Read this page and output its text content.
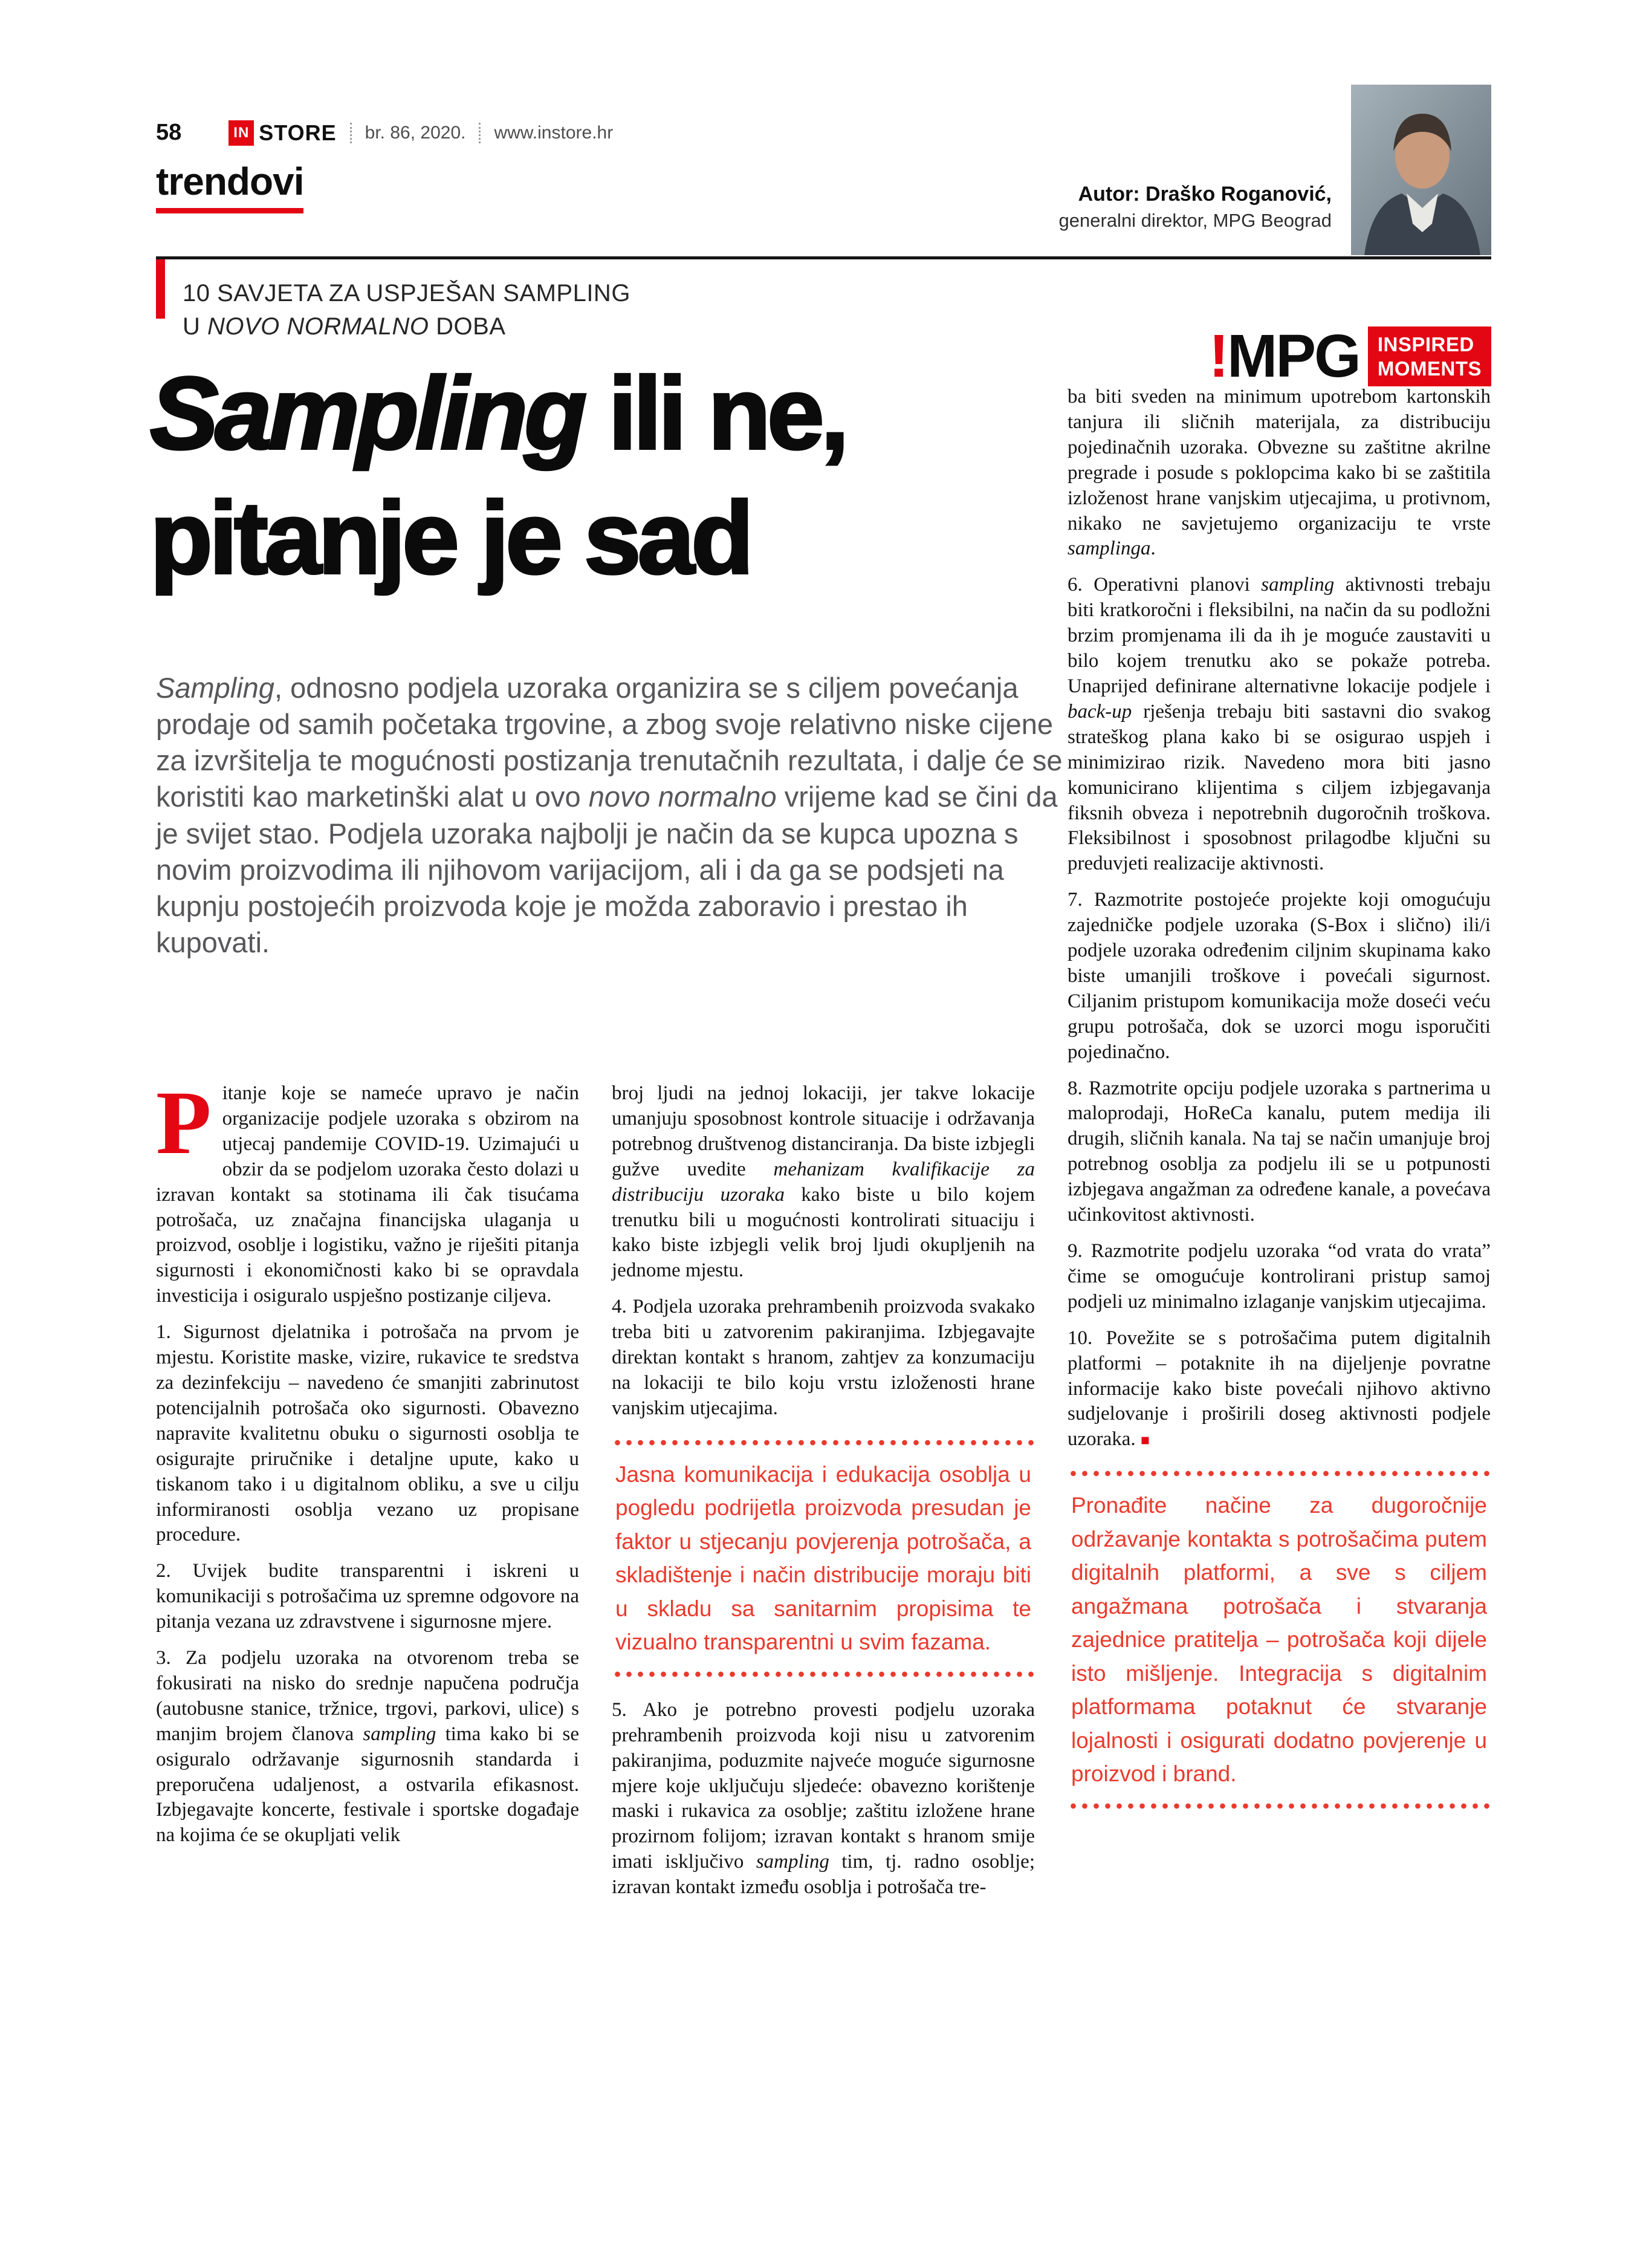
58	IN STORE br. 86, 2020. www.instore.hr
trendovi	Autor: Draško Roganović,
generalni direktor, MPG Beograd
10 SAVJETA ZA USPJEŠAN SAMPLING
U NOVO NORMALNO DOBA	!MPG INSPIRED
MOMENTS
Sampling ili ne,
pitanje je sad
Sampling, odnosno podjela uzoraka organizira se s ciljem povećanja prodaje od samih početaka trgovine, a zbog svoje relativno niske cijene za izvršitelja te mogućnosti postizanja trenutačnih rezultata, i dalje će se koristiti kao marketinški alat u ovo novo normalno vrijeme kad se čini da je svijet stao. Podjela uzoraka najbolji je način da se kupca upozna s novim proizvodima ili njihovom varijacijom, ali i da ga se podsjeti na kupnju postojećih proizvoda koje je možda zaboravio i prestao ih kupovati.

Pitanje koje se nameće upravo je način organizacije podjele uzoraka s obzirom na utjecaj pandemije COVID-19. Uzimajući u obzir da se podjelom uzoraka često dolazi u izravan kontakt sa stotinama ili čak tisućama potrošača, uz značajna financijska ulaganja u proizvod, osoblje i logistiku, važno je riješiti pitanja sigurnosti i ekonomičnosti kako bi se opravdala investicija i osiguralo uspješno postizanje ciljeva.

1. Sigurnost djelatnika i potrošača na prvom je mjestu. Koristite maske, vizire, rukavice te sredstva za dezinfekciju – navedeno će smanjiti zabrinutost potencijalnih potrošača oko sigurnosti. Obavezno napravite kvalitetnu obuku o sigurnosti osoblja te osigurajte priručnike i detaljne upute, kako u tiskanom tako i u digitalnom obliku, a sve u cilju informiranosti osoblja vezano uz propisane procedure.

2. Uvijek budite transparentni i iskreni u komunikaciji s potrošačima uz spremne odgovore na pitanja vezana uz zdravstvene i sigurnosne mjere.

3. Za podjelu uzoraka na otvorenom treba se fokusirati na nisko do srednje napučena područja (autobusne stanice, tržnice, trgovi, parkovi, ulice) s manjim brojem članova sampling tima kako bi se osiguralo održavanje sigurnosnih standarda i preporučena udaljenost, a ostvarila efikasnost. Izbjegavajte koncerte, festivale i sportske događaje na kojima će se okupljati velik

broj ljudi na jednoj lokaciji, jer takve lokacije umanjuju sposobnost kontrole situacije i održavanja potrebnog društvenog distanciranja. Da biste izbjegli gužve uvedite mehanizam kvalifikacije za distribuciju uzoraka kako biste u bilo kojem trenutku bili u mogućnosti kontrolirati situaciju i kako biste izbjegli velik broj ljudi okupljenih na jednome mjestu.

4. Podjela uzoraka prehrambenih proizvoda svakako treba biti u zatvorenim pakiranjima. Izbjegavajte direktan kontakt s hranom, zahtjev za konzumaciju na lokaciji te bilo koju vrstu izloženosti hrane vanjskim utjecajima.

Jasna komunikacija i edukacija osoblja u pogledu podrijetla proizvoda presudan je faktor u stjecanju povjerenja potrošača, a skladištenje i način distribucije moraju biti u skladu sa sanitarnim propisima te vizualno transparentni u svim fazama.

5. Ako je potrebno provesti podjelu uzoraka prehrambenih proizvoda koji nisu u zatvorenim pakiranjima, poduzmite najveće moguće sigurnosne mjere koje uključuju sljedeće: obavezno korištenje maski i rukavica za osoblje; zaštitu izložene hrane prozirnom folijom; izravan kontakt s hranom smije imati isključivo sampling tim, tj. radno osoblje; izravan kontakt između osoblja i potrošača tre-

ba biti sveden na minimum upotrebom kartonskih tanjura ili sličnih materijala, za distribuciju pojedinačnih uzoraka. Obvezne su zaštitne akrilne pregrade i posude s poklopcima kako bi se zaštitila izloženost hrane vanjskim utjecajima, u protivnom, nikako ne savjetujemo organizaciju te vrste samplinga.

6. Operativni planovi sampling aktivnosti trebaju biti kratkoročni i fleksibilni, na način da su podložni brzim promjenama ili da ih je moguće zaustaviti u bilo kojem trenutku ako se pokaže potreba. Unaprijed definirane alternativne lokacije podjele i back-up rješenja trebaju biti sastavni dio svakog strateškog plana kako bi se osigurao uspjeh i minimizirao rizik. Navedeno mora biti jasno komunicirano klijentima s ciljem izbjegavanja fiksnih obveza i nepotrebnih dugoročnih troškova. Fleksibilnost i sposobnost prilagodbe ključni su preduvjeti realizacije aktivnosti.

7. Razmotrite postojeće projekte koji omogućuju zajedničke podjele uzoraka (S-Box i slično) ili/i podjele uzoraka određenim ciljnim skupinama kako biste umanjili troškove i povećali sigurnost. Ciljanim pristupom komunikacija može doseći veću grupu potrošača, dok se uzorci mogu isporučiti pojedinačno.

8. Razmotrite opciju podjele uzoraka s partnerima u maloprodaji, HoReCa kanalu, putem medija ili drugih, sličnih kanala. Na taj se način umanjuje broj potrebnog osoblja za podjelu ili se u potpunosti izbjegava angažman za određene kanale, a povećava učinkovitost aktivnosti.

9. Razmotrite podjelu uzoraka “od vrata do vrata” čime se omogućuje kontrolirani pristup samoj podjeli uz minimalno izlaganje vanjskim utjecajima.

10. Povežite se s potrošačima putem digitalnih platformi – potaknite ih na dijeljenje povratne informacije kako biste povećali njihovo aktivno sudjelovanje i proširili doseg aktivnosti podjele uzoraka. ■

Pronađite načine za dugoročnije održavanje kontakta s potrošačima putem digitalnih platformi, a sve s ciljem angažmana potrošača i stvaranja zajednice pratitelja – potrošača koji dijele isto mišljenje. Integracija s digitalnim platformama potaknut će stvaranje lojalnosti i osigurati dodatno povjerenje u proizvod i brand.
